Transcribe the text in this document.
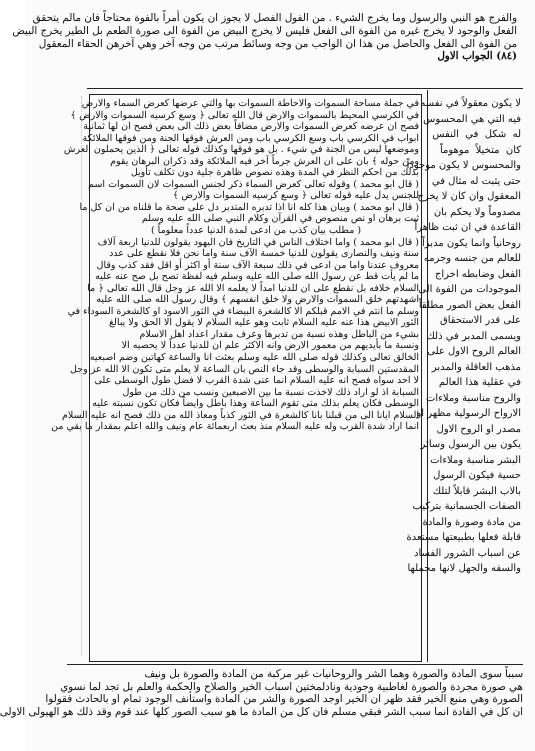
والفرج هو النبي والرسول وما يخرج الشيء . من الفول الفصل لا يجوز ان يكون أمراً بالفوة محتاجاً فان مالم يتحقق
الفعل والوجود لا يخرج غيره من الفوة الى الفعل فليس لا يخرج البيض من الفوة الى صورة الطعم بل الطير يخرج البيض
من الفوة الى الفعل والحاصل من هذا ان الواجب من وجه وسائط مرتب من وجه آخر وهي آخرهن الحقاء المعقول
(٨٤) الجواب الاول
في جملة مساحة السموات والاحاطة السموات بها والتي عرضها كعرض السماء والارض
في الكرسي المحيط بالسموات والارض قال الله تعالى ﴿ وسع كرسيه السموات والارض ﴾
فصح ان عرضه كعرض السموات والارض مضافاً بعض ذلك الى بعض فصح ان لها ثمانية
ابواب في الكرسي باب وسع الكرسي باب ومن العرش فوقها الجنة ومن فوقها الملائكة
وموضعها ليس من الجنة في شيء . بل هو فوقها وكذلك قوله تعالى ﴿ الذين يحملون العرش
ومن حوله ﴾ بان على ان العرش جرماً آخر فيه الملائكة وقد ذكران البرهان يقوم
بذلك من احكم النظر في المدة وهذه نصوص ظاهرة جلية دون تكلف تأويل
( قال ابو محمد ) وقوله تعالى كعرض السماء ذكر لجنس السموات لان السموات اسم
للجنس يدل عليه قوله تعالى ﴿ وسع كرسيه السموات والارض ﴾
( قال ابو محمد ) وبيان هذا كله انا اذا تدبره المتدبر دل على صحة ما قلناه من ان كل ما
ثبت برهان او نص منصوص في القرآن وكلام النبي صلى الله عليه وسلم
( مطلب بيان كذب من ادعى لمدة الدنيا عدداً معلوماً )
( قال ابو محمد ) واما اختلاف الناس في التاريخ فان اليهود يقولون للدنيا اربعة آلاف
سنة ونيف والنصارى يقولون للدنيا خمسة الآف سنة واما نحن فلا نقطع على عدد
معروف عندنا واما من ادعى في ذلك سبعة الآف سنة أو اكثر أو اقل فقد كذب وقال
ما لم يأت قط عن رسول الله صلى الله عليه وسلم فيه لفظة تصح بل صح عنه عليه
السلام خلافه بل نقطع على ان للدنيا امداً لا يعلمه الا الله عز وجل قال الله تعالى ﴿ ما
اشهدتهم خلق السموات والارض ولا خلق انفسهم ﴾ وقال رسول الله صلى الله عليه
وسلم ما انتم في الامم قبلكم الا كالشعرة البيضاء في الثور الاسود او كالشعرة السوداء في
الثور الابيض هذا عنه عليه السلام ثابت وهو عليه السلام لا يقول الا الحق ولا يبالغ
بشيء من الباطل وهذه نسبة من تدبرها وعرف مقدار اعداد اهل الاسلام
ونسبة ما بأيديهم من معمور الارض وانه الاكثر علم ان للدنيا عدداً لا يحصيه الا
الخالق تعالى وكذلك قوله صلى الله عليه وسلم بعثت انا والساعة كهاتين وضم اصبعيه
المقدستين السبابة والوسطى وقد جاء النص بان الساعة لا يعلم متى تكون الا الله عز وجل
لا احد سواه فصح انه عليه السلام انما عنى شدة القرب لا فضل طول الوسطى على
السبابة اذ لو اراد ذلك لاخذت نسبة ما بين الاصبعين ونسب من ذلك من طول
الوسطى فكان يعلم بذلك متى تقوم الساعة وهذا باطل وايضاً فكان تكون نسبته عليه
السلام ايانا الى من قبلنا بانا كالشعرة في الثور كذباً ومعاذ الله من ذلك فصح انه عليه السلام
انما اراد شدة القرب وله عليه السلام منذ بعث اربعمائة عام ونيف والله اعلم بمقدار ما بقي من
لا يكون معقولاً في نفسه
فيه التي هي المحسوس
له ‌ شكل ‌ في ‌ النفس
كان ‌ متخيلاً ‌ موهوماً
والمحسوس لا يكون موجوداً
حتى يثبت له مثال في
المعقول وان كان لا يخرج
مصدوماً ولا يحكم بان
القاعدة في ان ثبت ظاهراً
روحانياً وانما يكون مدبراً
للعالم من جنسه وجرمه
الفعل وضابطه اخراج
الموجودات من الفوة الى
الفعل بعض الصور مطلقاً
على قدر الاستحقاق
ويسمى المدبر في ذلك
العالم الروح الاول على
مذهب العاقلة والمدبر
في عقلية هذا العالم
والروح مناسبة وملاءات
الارواح الرسولية مظهر او
مصدر او الروح الاول
يكون بين الرسول وسائر
البشر مناسبة وملاءات
حسية فيكون الرسول
بالاب البشر قابلاً لتلك
الصفات الجسمانية بتركيب
من مادة وصورة والمادة
قابلة فعلها بطبيعتها مستعدة
عن اسباب الشرور الفساد
والسفه والجهل لانها مجملها
سبباً سوى المادة والصورة وهما الشر والروحانيات غير مركبة من المادة والصورة بل ونيف
هي صورة مجردة والصورة لغاطبية وجودية ونادلمختين اسباب الخير والصلاح والحكمة والعلم بل تجد لما نسوي
الصورة وهي منبع الخير فقد ظهر ان الخير اوجد الصورة والشر من المادة واستأنف الوجود تمام او بالحادث فقولوا
ان كل في الفادة انما سبب الشر فبقي مسلم فان كل من المادة ما هو سبب الصور كلها عند قوم وقد ذلك هو الهيولى الاولى
